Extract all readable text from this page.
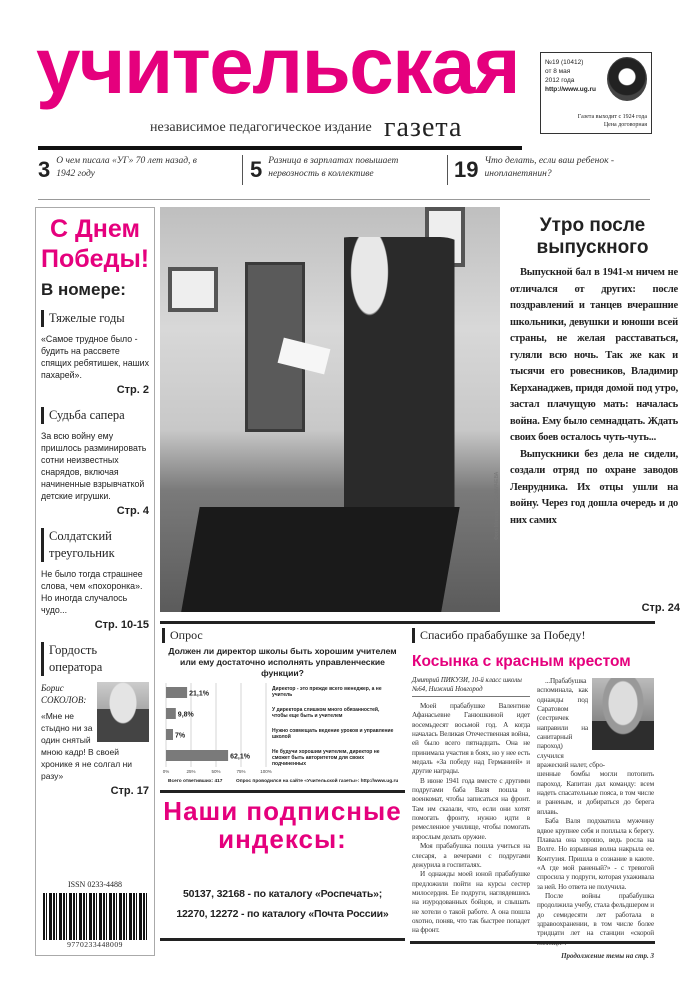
учительская
независимое педагогическое издание газета
№19 (10412)
от 8 мая
2012 года
http://www.ug.ru
Газета выходит с 1924 года
Цена договорная
3 О чем писала «УГ» 70 лет назад, в 1942 году	5 Разница в зарплатах повышает нервозность в коллективе	19 Что делать, если ваш ребенок - инопланетянин?
С Днем Победы!
В номере:
Тяжелые годы
«Самое трудное было - будить на рассвете спящих ребятишек, наших пахарей».
Стр. 2
Судьба сапера
За всю войну ему пришлось разминировать сотни неизвестных снарядов, включая начиненные взрывчаткой детские игрушки.
Стр. 4
Солдатский треугольник
Не было тогда страшнее слова, чем «похоронка». Но иногда случалось чудо...
Стр. 10-15
Гордость оператора
Борис СОКОЛОВ:
«Мне не стыдно ни за один снятый мною кадр! В своей хронике я не солгал ни разу»
Стр. 17
ISSN 0233-4488
9770233448009
Фото Михаила КУЗЬМИЧЕВА
Утро после выпускного

Выпускной бал в 1941-м ничем не отличался от других: после поздравлений и танцев вчерашние школьники, девушки и юноши всей страны, не желая расставаться, гуляли всю ночь. Так же как и тысячи его ровесников, Владимир Керханаджев, придя домой под утро, застал плачущую мать: началась война. Ему было семнадцать. Ждать своих боев осталось чуть-чуть...

Выпускники без дела не сидели, создали отряд по охране заводов Ленрудника. Их отцы ушли на войну. Через год дошла очередь и до них самих

Стр. 24
Опрос
Должен ли директор школы быть хорошим учителем или ему достаточно исполнять управленческие функции?
0%	25%	50%	75%	100%
21,1%
Директор - это прежде всего менеджер, а не учитель
9,8%
У директора слишком много обязанностей, чтобы еще быть и учителем
7%
Нужно совмещать ведение уроков и управление школой
62,1%
Не будучи хорошим учителем, директор не сможет быть авторитетом для своих подчиненных
Всего ответивших: 417	Опрос проводился на сайте «Учительской газеты»: http://www.ug.ru
Наши подписные индексы:
50137, 32168 - по каталогу «Роспечать»;
12270, 12272 - по каталогу «Почта России»
Спасибо прабабушке за Победу!
Косынка с красным крестом
Дмитрий ПИКУЗИ, 10-й класс школы №64, Нижний Новгород

Моей прабабушке Валентине Афанасьевне Ганюшкиной идет восемьдесят восьмой год. А когда началась Великая Отечественная война, ей было всего пятнадцать. Она не принимала участия в боях, но у нее есть медаль «За победу над Германией» и другие награды.

В июне 1941 года вместе с другими подругами баба Валя пошла в военкомат, чтобы записаться на фронт. Там им сказали, что, если они хотят помогать фронту, нужно идти в ремесленное училище, чтобы помогать взрослым делать оружие.

Моя прабабушка пошла учиться на слесаря, а вечерами с подругами дежурила в госпиталях.

И однажды моей юной прабабушке предложили пойти на курсы сестер милосердия. Ее подруги, наглядевшись на изуродованных бойцов, и слышать не хотели о такой работе. А она пошла охотно, поняв, что так быстрее попадет на фронт.

...Прабабушка вспоминала, как однажды под Саратовом (сестричек направили на санитарный пароход) случился вражеский налет, сбро-

шенные бомбы могли потопить пароход. Капитан дал команду: всем надеть спасательные пояса, в том числе и раненым, и добираться до берега вплавь.

Баба Валя подхватила мужчину вдвое крупнее себя и поплыла к берегу. Плавала она хорошо, ведь росла на Волге. Но взрывная волна накрыла ее. Контузия. Пришла в сознание в каюте. «А где мой раненый?» - с тревогой спросила у подруги, которая ухаживала за ней. Но ответа не получила.

После войны прабабушка продолжила учебу, стала фельдшером и до семидесяти лет работала в здравоохранении, в том числе более тридцати лет на станции «скорой

Продолжение темы на стр. 3
